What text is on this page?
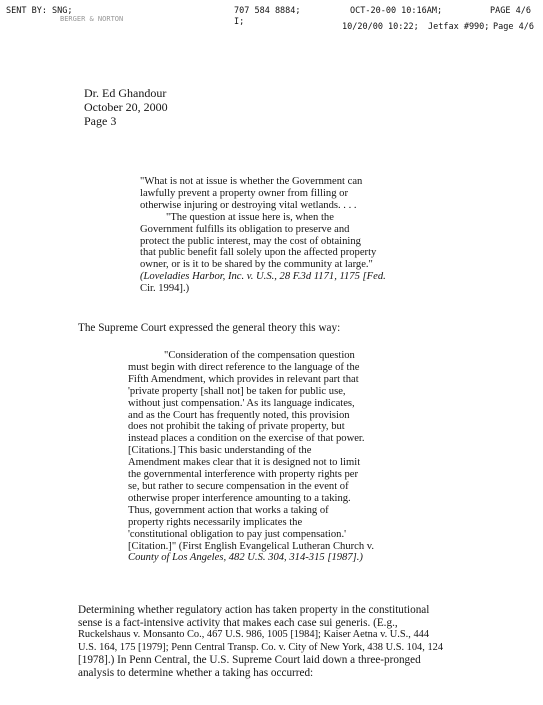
SENT BY: SNG;
BERGER & NORTON
707 584 8884;
I;
OCT-20-00 10:16AM;	PAGE 4/6
10/20/00 10:22; Jetfax #990; Page 4/6
Dr. Ed Ghandour
October 20, 2000
Page 3
"What is not at issue is whether the Government can
lawfully prevent a property owner from filling or
otherwise injuring or destroying vital wetlands. . . .
"The question at issue here is, when the
Government fulfills its obligation to preserve and
protect the public interest, may the cost of obtaining
that public benefit fall solely upon the affected property
owner, or is it to be shared by the community at large."
(Loveladies Harbor, Inc. v. U.S., 28 F.3d 1171, 1175 [Fed.
Cir. 1994].)
The Supreme Court expressed the general theory this way:
"Consideration of the compensation question
must begin with direct reference to the language of the
Fifth Amendment, which provides in relevant part that
'private property [shall not] be taken for public use,
without just compensation.' As its language indicates,
and as the Court has frequently noted, this provision
does not prohibit the taking of private property, but
instead places a condition on the exercise of that power.
[Citations.] This basic understanding of the
Amendment makes clear that it is designed not to limit
the governmental interference with property rights per
se, but rather to secure compensation in the event of
otherwise proper interference amounting to a taking.
Thus, government action that works a taking of
property rights necessarily implicates the
'constitutional obligation to pay just compensation.'
[Citation.]" (First English Evangelical Lutheran Church v.
County of Los Angeles, 482 U.S. 304, 314-315 [1987].)
Determining whether regulatory action has taken property in the constitutional
sense is a fact-intensive activity that makes each case sui generis. (E.g.,
Ruckelshaus v. Monsanto Co., 467 U.S. 986, 1005 [1984]; Kaiser Aetna v. U.S., 444
U.S. 164, 175 [1979]; Penn Central Transp. Co. v. City of New York, 438 U.S. 104, 124
[1978].) In Penn Central, the U.S. Supreme Court laid down a three-pronged
analysis to determine whether a taking has occurred:
